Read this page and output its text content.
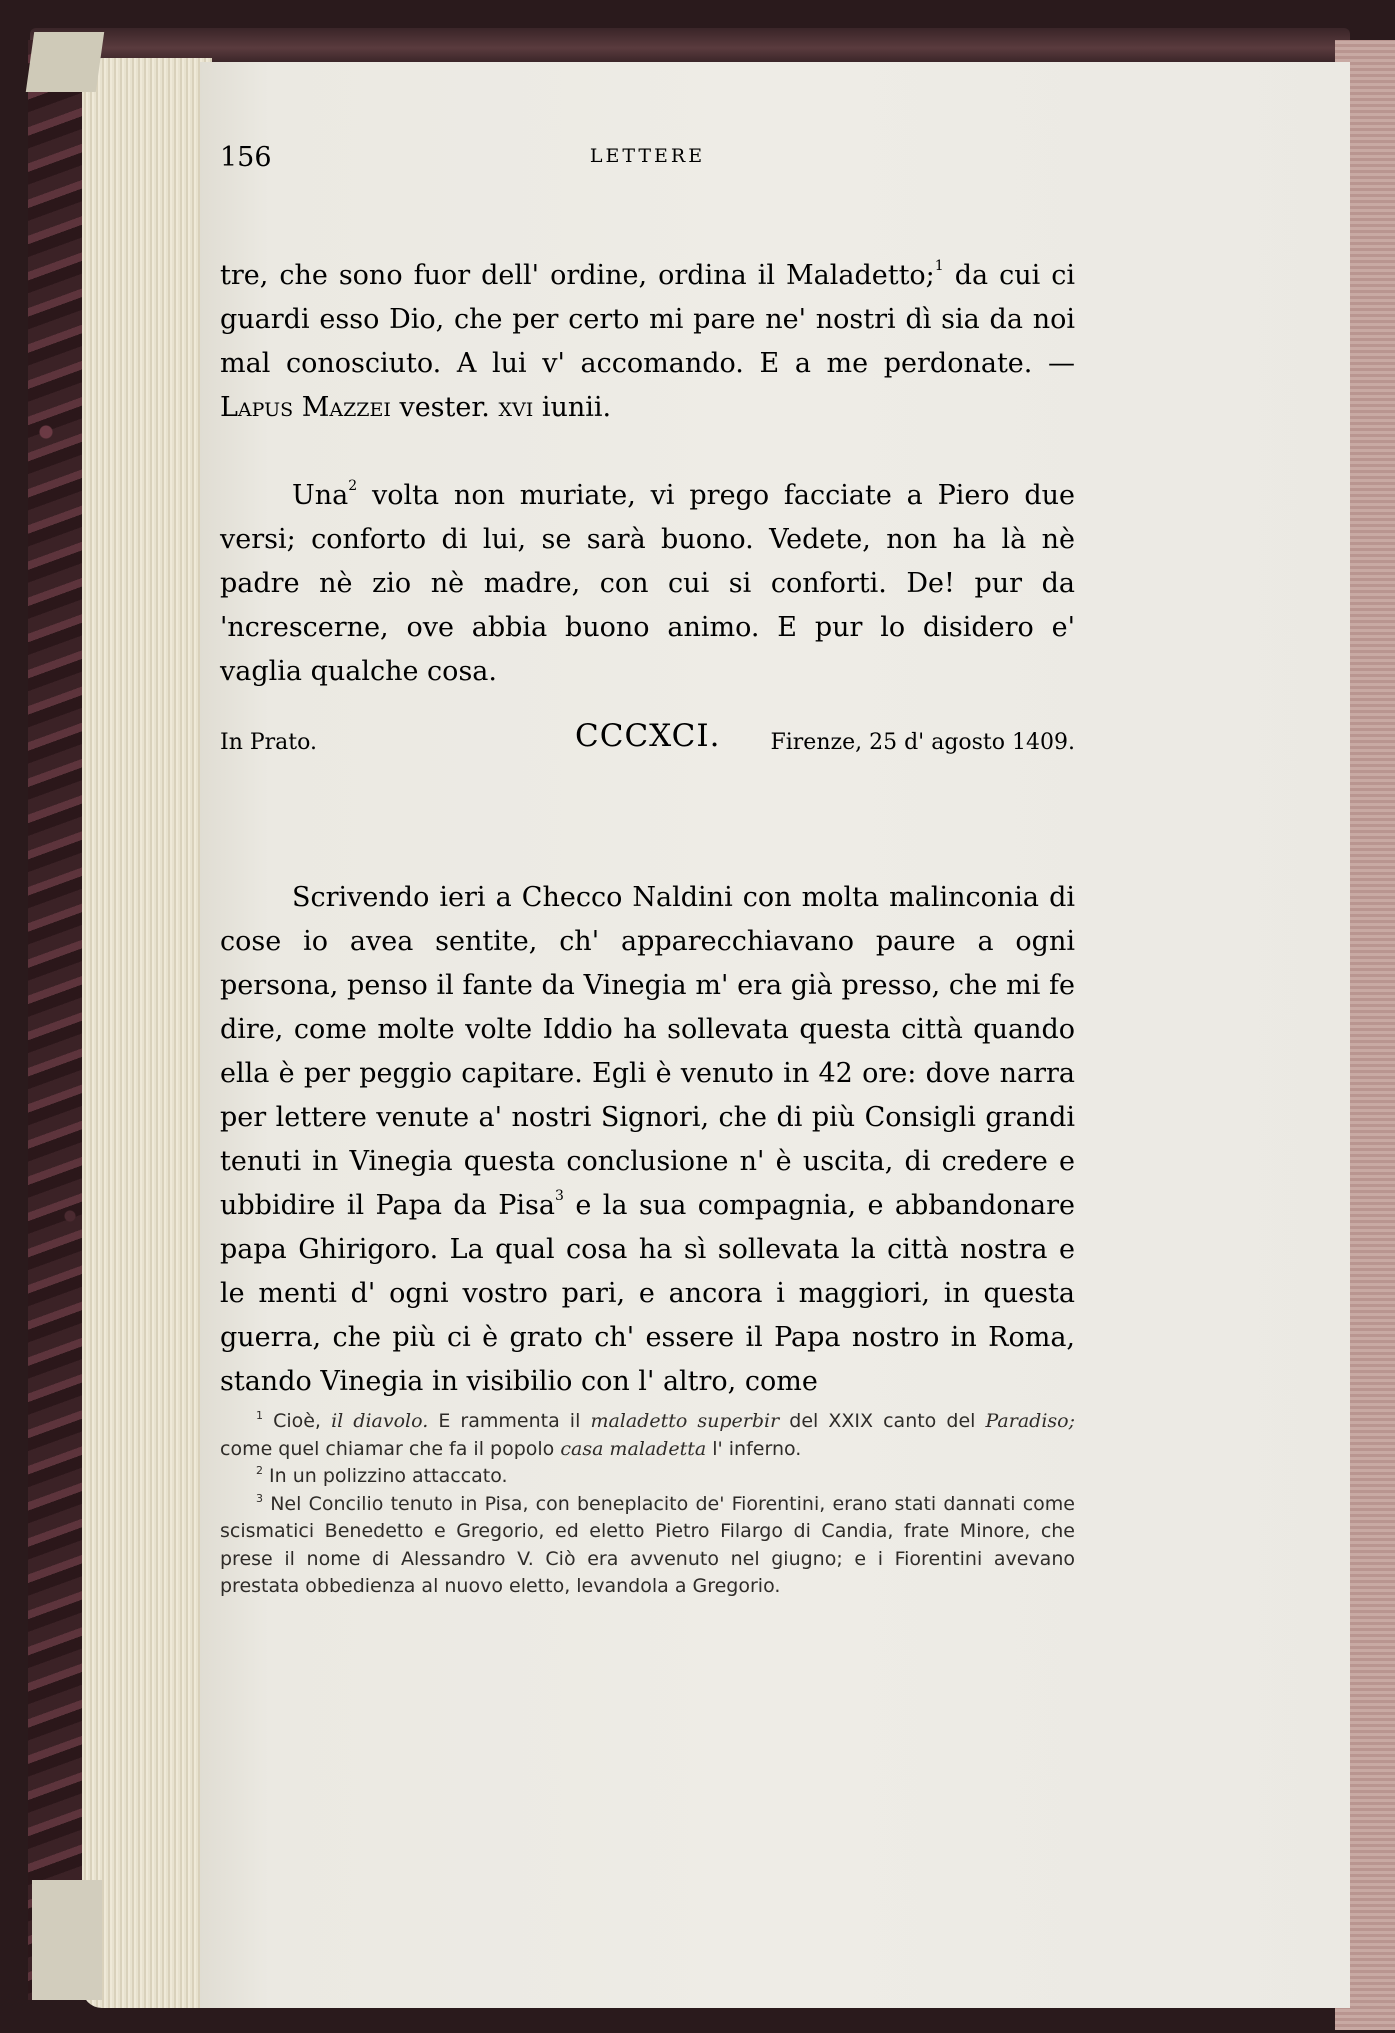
156	LETTERE

tre, che sono fuor dell' ordine, ordina il Maladetto;$^1$ da cui ci guardi esso Dio, che per certo mi pare ne' nostri dì sia da noi mal conosciuto. A lui v' accomando. E a me perdonate. — Lapus Mazzei vester. xvi iunii.

Una$^2$ volta non muriate, vi prego facciate a Piero due versi; conforto di lui, se sarà buono. Vedete, non ha là nè padre nè zio nè madre, con cui si conforti. De! pur da 'ncrescerne, ove abbia buono animo. E pur lo disidero e' vaglia qualche cosa.

In Prato.	CCCXCI. Firenze, 25 d' agosto 1409.

Scrivendo ieri a Checco Naldini con molta malinconia di cose io avea sentite, ch' apparecchiavano paure a ogni persona, penso il fante da Vinegia m' era già presso, che mi fe dire, come molte volte Iddio ha sollevata questa città quando ella è per peggio capitare. Egli è venuto in 42 ore: dove narra per lettere venute a' nostri Signori, che di più Consigli grandi tenuti in Vinegia questa conclusione n' è uscita, di credere e ubbidire il Papa da Pisa$^3$ e la sua compagnia, e abbandonare papa Ghirigoro. La qual cosa ha sì sollevata la città nostra e le menti d' ogni vostro pari, e ancora i maggiori, in questa guerra, che più ci è grato ch' essere il Papa nostro in Roma, stando Vinegia in visibilio con l' altro, come

$^1$ Cioè, il diavolo. E rammenta il maladetto superbir del XXIX canto del Paradiso; come quel chiamar che fa il popolo casa maladetta l' inferno.

$^2$ In un polizzino attaccato.

$^3$ Nel Concilio tenuto in Pisa, con beneplacito de' Fiorentini, erano stati dannati come scismatici Benedetto e Gregorio, ed eletto Pietro Filargo di Candia, frate Minore, che prese il nome di Alessandro V. Ciò era avvenuto nel giugno; e i Fiorentini avevano prestata obbedienza al nuovo eletto, levandola a Gregorio.
